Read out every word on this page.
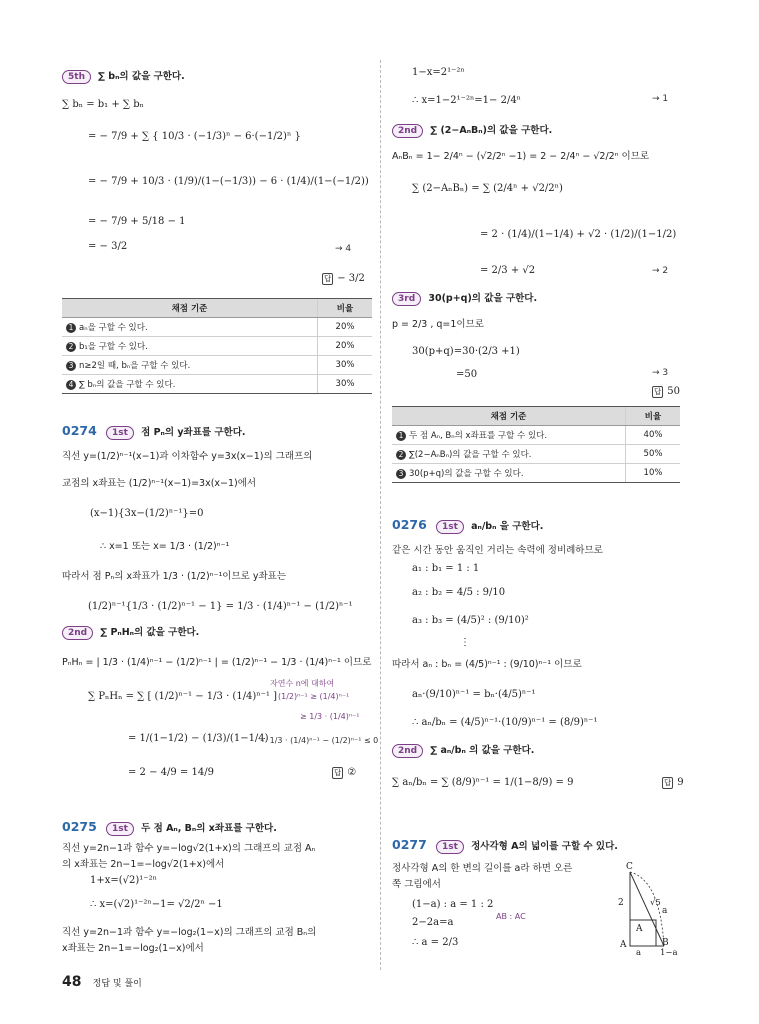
5th ∑ bₙ의 값을 구한다.
∑ bₙ = b₁ + ∑ bₙ
= − 7/9 + ∑ { 10/3 · (−1/3)ⁿ − 6·(−1/2)ⁿ }
= − 7/9 + 10/3 · (1/9)/(1−(−1/3)) − 6 · (1/4)/(1−(−1/2))
= − 7/9 + 5/18 − 1
= − 3/2	→ 4
답 − 3/2
채점 기준	비율
1 aₙ을 구할 수 있다.	20%
2 b₁을 구할 수 있다.	20%
3 n≥2일 때, bₙ을 구할 수 있다.	30%
4 ∑ bₙ의 값을 구할 수 있다.	30%
0274 1st 점 Pₙ의 y좌표를 구한다.
직선 y=(1/2)ⁿ⁻¹(x−1)과 이차함수 y=3x(x−1)의 그래프의
교점의 x좌표는 (1/2)ⁿ⁻¹(x−1)=3x(x−1)에서
(x−1){3x−(1/2)ⁿ⁻¹}=0
∴ x=1 또는 x= 1/3 · (1/2)ⁿ⁻¹
따라서 점 Pₙ의 x좌표가 1/3 · (1/2)ⁿ⁻¹이므로 y좌표는
(1/2)ⁿ⁻¹{1/3 · (1/2)ⁿ⁻¹ − 1} = 1/3 · (1/4)ⁿ⁻¹ − (1/2)ⁿ⁻¹
2nd ∑ PₙHₙ의 값을 구한다.
PₙHₙ = | 1/3 · (1/4)ⁿ⁻¹ − (1/2)ⁿ⁻¹ | = (1/2)ⁿ⁻¹ − 1/3 · (1/4)ⁿ⁻¹ 이므로
∑ PₙHₙ = ∑ [ (1/2)ⁿ⁻¹ − 1/3 · (1/4)ⁿ⁻¹ ]
= 1/(1−1/2) − (1/3)/(1−1/4)
= 2 − 4/9 = 14/9
자연수 n에 대하여
(1/2)ⁿ⁻¹ ≥ (1/4)ⁿ⁻¹
≥ 1/3 · (1/4)ⁿ⁻¹
∴ 1/3 · (1/4)ⁿ⁻¹ − (1/2)ⁿ⁻¹ ≤ 0
답 ②
0275 1st 두 점 Aₙ, Bₙ의 x좌표를 구한다.
직선 y=2n−1과 함수 y=−log√2(1+x)의 그래프의 교점 Aₙ
의 x좌표는 2n−1=−log√2(1+x)에서
1+x=(√2)¹⁻²ⁿ
∴ x=(√2)¹⁻²ⁿ−1= √2/2ⁿ −1
직선 y=2n−1과 함수 y=−log₂(1−x)의 그래프의 교점 Bₙ의
x좌표는 2n−1=−log₂(1−x)에서
1−x=2¹⁻²ⁿ
∴ x=1−2¹⁻²ⁿ=1− 2/4ⁿ	→ 1
2nd ∑ (2−AₙBₙ)의 값을 구한다.
AₙBₙ = 1− 2/4ⁿ − (√2/2ⁿ −1) = 2 − 2/4ⁿ − √2/2ⁿ 이므로
∑ (2−AₙBₙ) = ∑ (2/4ⁿ + √2/2ⁿ)
= 2 · (1/4)/(1−1/4) + √2 · (1/2)/(1−1/2)
= 2/3 + √2	→ 2
3rd 30(p+q)의 값을 구한다.
p = 2/3 , q=1이므로
30(p+q)=30·(2/3 +1)
=50	→ 3
답 50
채점 기준	비율
1 두 점 Aₙ, Bₙ의 x좌표를 구할 수 있다.	40%
2 ∑(2−AₙBₙ)의 값을 구할 수 있다.	50%
3 30(p+q)의 값을 구할 수 있다.	10%
0276 1st aₙ/bₙ 을 구한다.
같은 시간 동안 움직인 거리는 속력에 정비례하므로
a₁ : b₁ = 1 : 1
a₂ : b₂ = 4/5 : 9/10
a₃ : b₃ = (4/5)² : (9/10)²
⋮
따라서 aₙ : bₙ = (4/5)ⁿ⁻¹ : (9/10)ⁿ⁻¹ 이므로
aₙ·(9/10)ⁿ⁻¹ = bₙ·(4/5)ⁿ⁻¹
∴ aₙ/bₙ = (4/5)ⁿ⁻¹·(10/9)ⁿ⁻¹ = (8/9)ⁿ⁻¹
2nd ∑ aₙ/bₙ 의 값을 구한다.
∑ aₙ/bₙ = ∑ (8/9)ⁿ⁻¹ = 1/(1−8/9) = 9	답 9
0277 1st 정사각형 A의 넓이를 구할 수 있다.
정사각형 A의 한 변의 길이를 a라 하면 오른
쪽 그림에서
(1−a) : a = 1 : 2
2−2a=a
∴ a = 2/3
AB : AC
C
2	√5
a
A
A	B
a 1−a
48 정답 및 풀이
